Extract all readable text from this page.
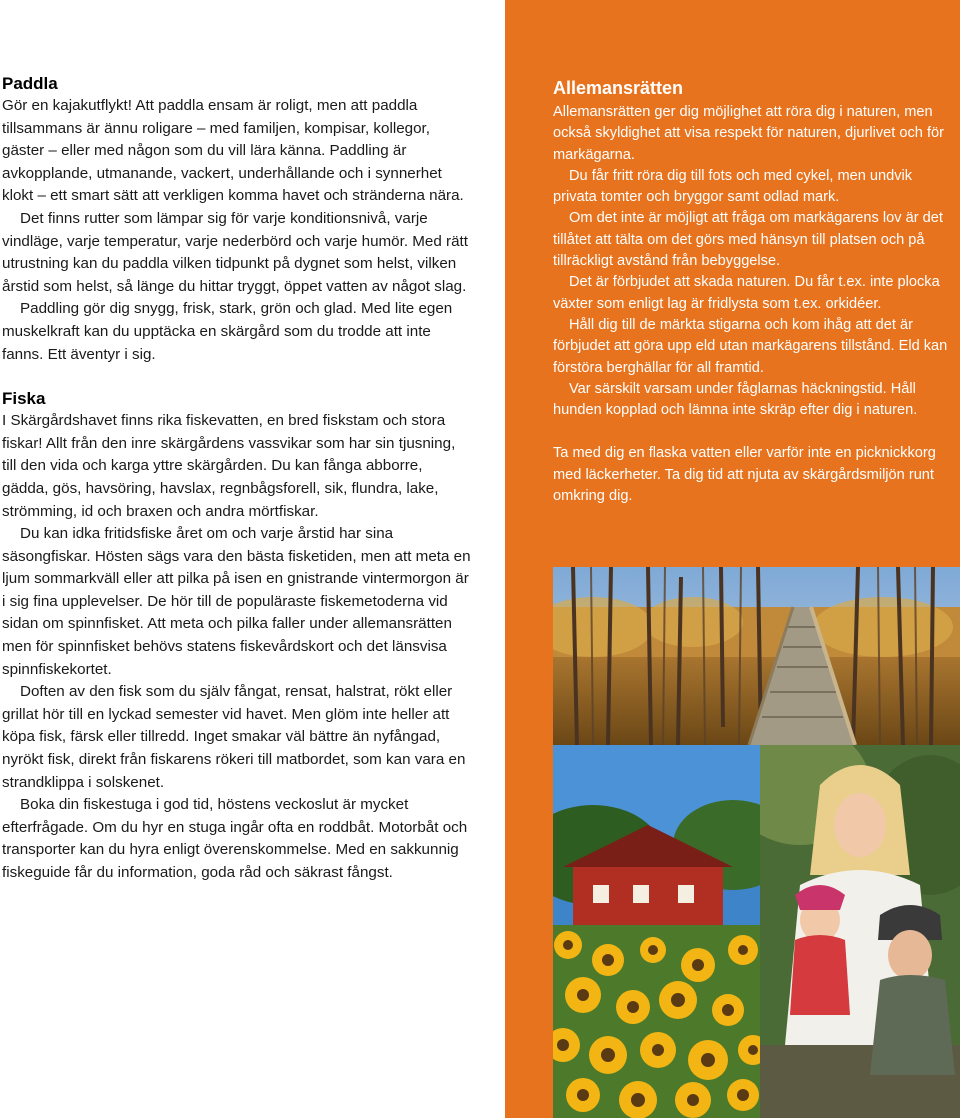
Paddla

Gör en kajakutflykt! Att paddla ensam är roligt, men att paddla tillsammans är ännu roligare – med familjen, kompisar, kollegor, gäster – eller med någon som du vill lära känna. Paddling är avkopplande, utmanande, vackert, underhållande och i synnerhet klokt – ett smart sätt att verkligen komma havet och stränderna nära.

Det finns rutter som lämpar sig för varje konditionsnivå, varje vindläge, varje temperatur, varje nederbörd och varje humör. Med rätt utrustning kan du paddla vilken tidpunkt på dygnet som helst, vilken årstid som helst, så länge du hittar tryggt, öppet vatten av något slag.

Paddling gör dig snygg, frisk, stark, grön och glad. Med lite egen muskelkraft kan du upptäcka en skärgård som du trodde att inte fanns. Ett äventyr i sig.

Fiska

I Skärgårdshavet finns rika fiskevatten, en bred fiskstam och stora fiskar! Allt från den inre skärgårdens vassvikar som har sin tjusning, till den vida och karga yttre skärgården. Du kan fånga abborre, gädda, gös, havsöring, havslax, regnbågsforell, sik, flundra, lake, strömming, id och braxen och andra mörtfiskar.

Du kan idka fritidsfiske året om och varje årstid har sina säsongfiskar. Hösten sägs vara den bästa fisketiden, men att meta en ljum sommarkväll eller att pilka på isen en gnistrande vintermorgon är i sig fina upplevelser. De hör till de populäraste fiskemetoderna vid sidan om spinnfisket. Att meta och pilka faller under allemansrätten men för spinnfisket behövs statens fiskevårdskort och det länsvisa spinnfiskekortet.

Doften av den fisk som du själv fångat, rensat, halstrat, rökt eller grillat hör till en lyckad semester vid havet. Men glöm inte heller att köpa fisk, färsk eller tillredd. Inget smakar väl bättre än nyfångad, nyrökt fisk, direkt från fiskarens rökeri till matbordet, som kan vara en strandklippa i solskenet.

Boka din fiskestuga i god tid, höstens veckoslut är mycket efterfrågade. Om du hyr en stuga ingår ofta en roddbåt. Motorbåt och transporter kan du hyra enligt överenskommelse. Med en sakkunnig fiskeguide får du information, goda råd och säkrast fångst.

Allemansrätten

Allemansrätten ger dig möjlighet att röra dig i naturen, men också skyldighet att visa respekt för naturen, djurlivet och för markägarna.

Du får fritt röra dig till fots och med cykel, men undvik privata tomter och bryggor samt odlad mark.

Om det inte är möjligt att fråga om markägarens lov är det tillåtet att tälta om det görs med hänsyn till platsen och på tillräckligt avstånd från bebyggelse.

Det är förbjudet att skada naturen. Du får t.ex. inte plocka växter som enligt lag är fridlysta som t.ex. orkidéer.

Håll dig till de märkta stigarna och kom ihåg att det är förbjudet att göra upp eld utan markägarens tillstånd. Eld kan förstöra berghällar för all framtid.

Var särskilt varsam under fåglarnas häckningstid. Håll hunden kopplad och lämna inte skräp efter dig i naturen.

Ta med dig en flaska vatten eller varför inte en picknickkorg med läckerheter. Ta dig tid att njuta av skärgårdsmiljön runt omkring dig.
